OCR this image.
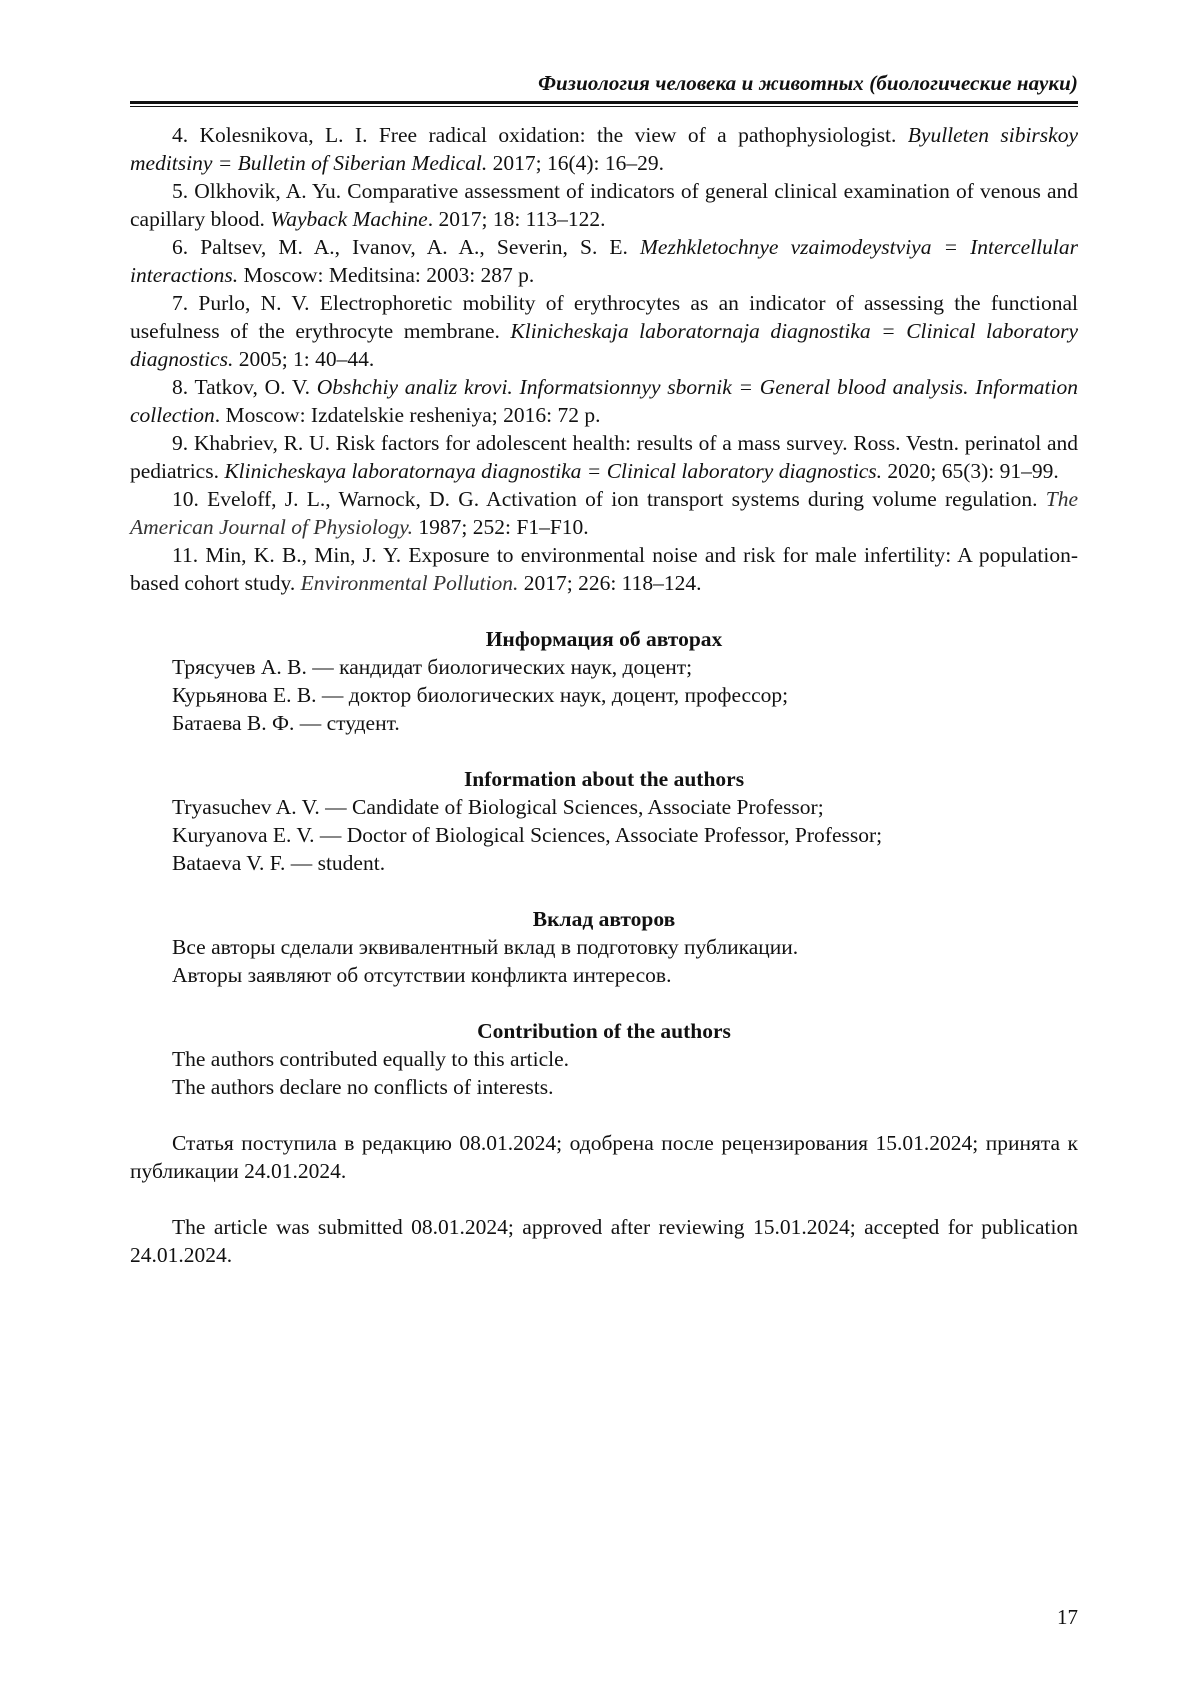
Физиология человека и животных (биологические науки)

4. Kolesnikova, L. I. Free radical oxidation: the view of a pathophysiologist. Byulleten sibirskoy meditsiny = Bulletin of Siberian Medical. 2017; 16(4): 16–29.

5. Olkhovik, A. Yu. Comparative assessment of indicators of general clinical examination of venous and capillary blood. Wayback Machine. 2017; 18: 113–122.

6. Paltsev, M. A., Ivanov, A. A., Severin, S. E. Mezhkletochnye vzaimodeystviya = Intercellular interactions. Moscow: Meditsina: 2003: 287 p.

7. Purlo, N. V. Electrophoretic mobility of erythrocytes as an indicator of assessing the functional usefulness of the erythrocyte membrane. Klinicheskaja laboratornaja diagnostika = Clinical laboratory diagnostics. 2005; 1: 40–44.

8. Tatkov, O. V. Obshchiy analiz krovi. Informatsionnyy sbornik = General blood analysis. Information collection. Moscow: Izdatelskie resheniya; 2016: 72 p.

9. Khabriev, R. U. Risk factors for adolescent health: results of a mass survey. Ross. Vestn. perinatol and pediatrics. Klinicheskaya laboratornaya diagnostika = Clinical laboratory diagnostics. 2020; 65(3): 91–99.

10. Eveloff, J. L., Warnock, D. G. Activation of ion transport systems during volume regulation. The American Journal of Physiology. 1987; 252: F1–F10.

11. Min, K. B., Min, J. Y. Exposure to environmental noise and risk for male infertility: A population-based cohort study. Environmental Pollution. 2017; 226: 118–124.

Информация об авторах

Трясучев А. В. — кандидат биологических наук, доцент;

Курьянова Е. В. — доктор биологических наук, доцент, профессор;

Батаева В. Ф. — студент.

Information about the authors

Tryasuchev A. V. — Candidate of Biological Sciences, Associate Professor;

Kuryanova E. V. — Doctor of Biological Sciences, Associate Professor, Professor;

Bataeva V. F. — student.

Вклад авторов

Все авторы сделали эквивалентный вклад в подготовку публикации.

Авторы заявляют об отсутствии конфликта интересов.

Contribution of the authors

The authors contributed equally to this article.

The authors declare no conflicts of interests.

Статья поступила в редакцию 08.01.2024; одобрена после рецензирования 15.01.2024; принята к публикации 24.01.2024.

The article was submitted 08.01.2024; approved after reviewing 15.01.2024; accepted for publication 24.01.2024.

17
